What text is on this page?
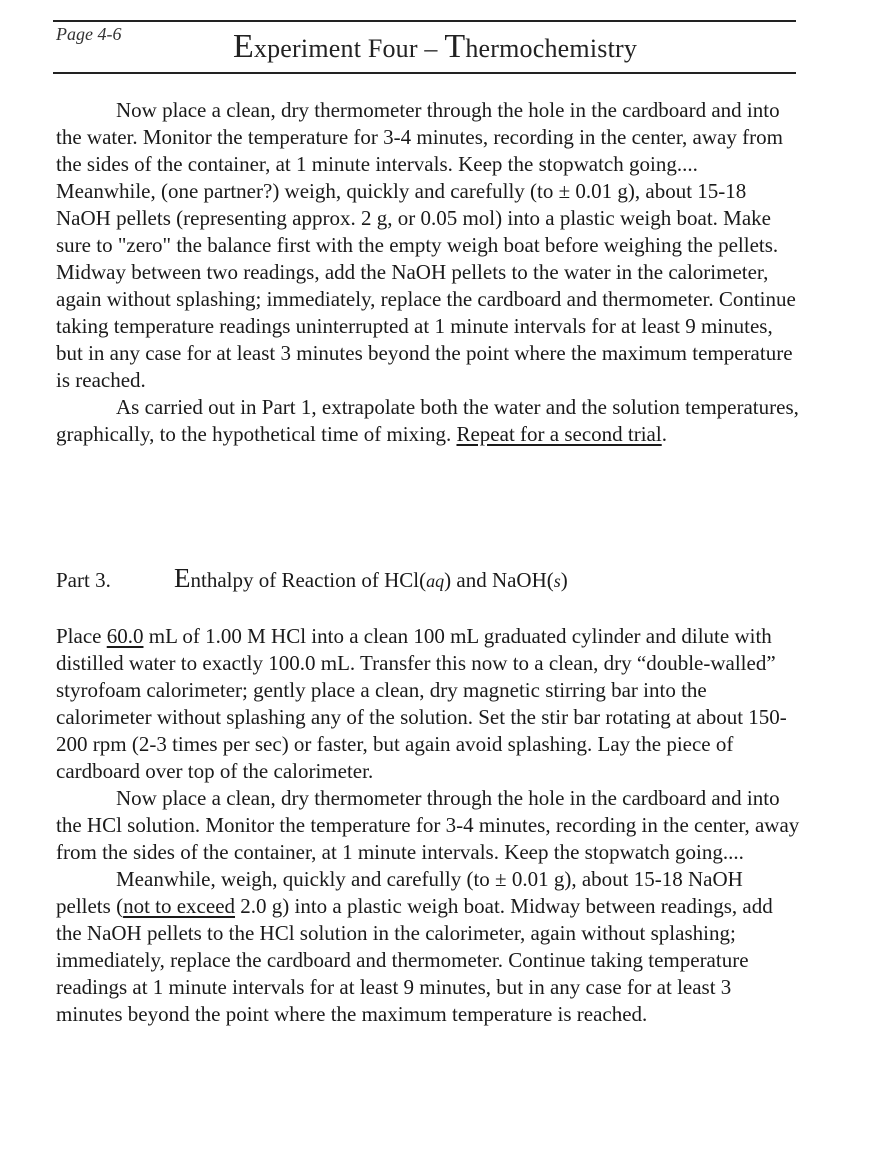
Page 4-6	Experiment Four – Thermochemistry

Now place a clean, dry thermometer through the hole in the cardboard and into the water. Monitor the temperature for 3-4 minutes, recording in the center, away from the sides of the container, at 1 minute intervals. Keep the stopwatch going....

Meanwhile, (one partner?) weigh, quickly and carefully (to ± 0.01 g), about 15-18 NaOH pellets (representing approx. 2 g, or 0.05 mol) into a plastic weigh boat. Make sure to "zero" the balance first with the empty weigh boat before weighing the pellets. Midway between two readings, add the NaOH pellets to the water in the calorimeter, again without splashing; immediately, replace the cardboard and thermometer. Continue taking temperature readings uninterrupted at 1 minute intervals for at least 9 minutes, but in any case for at least 3 minutes beyond the point where the maximum temperature is reached.

As carried out in Part 1, extrapolate both the water and the solution temperatures, graphically, to the hypothetical time of mixing. Repeat for a second trial.

Part 3. Enthalpy of Reaction of HCl(aq) and NaOH(s)

Place 60.0 mL of 1.00 M HCl into a clean 100 mL graduated cylinder and dilute with distilled water to exactly 100.0 mL. Transfer this now to a clean, dry “double-walled” styrofoam calorimeter; gently place a clean, dry magnetic stirring bar into the calorimeter without splashing any of the solution. Set the stir bar rotating at about 150-200 rpm (2-3 times per sec) or faster, but again avoid splashing. Lay the piece of cardboard over top of the calorimeter.

Now place a clean, dry thermometer through the hole in the cardboard and into the HCl solution. Monitor the temperature for 3-4 minutes, recording in the center, away from the sides of the container, at 1 minute intervals. Keep the stopwatch going....

Meanwhile, weigh, quickly and carefully (to ± 0.01 g), about 15-18 NaOH pellets (not to exceed 2.0 g) into a plastic weigh boat. Midway between readings, add the NaOH pellets to the HCl solution in the calorimeter, again without splashing; immediately, replace the cardboard and thermometer. Continue taking temperature readings at 1 minute intervals for at least 9 minutes, but in any case for at least 3 minutes beyond the point where the maximum temperature is reached.
